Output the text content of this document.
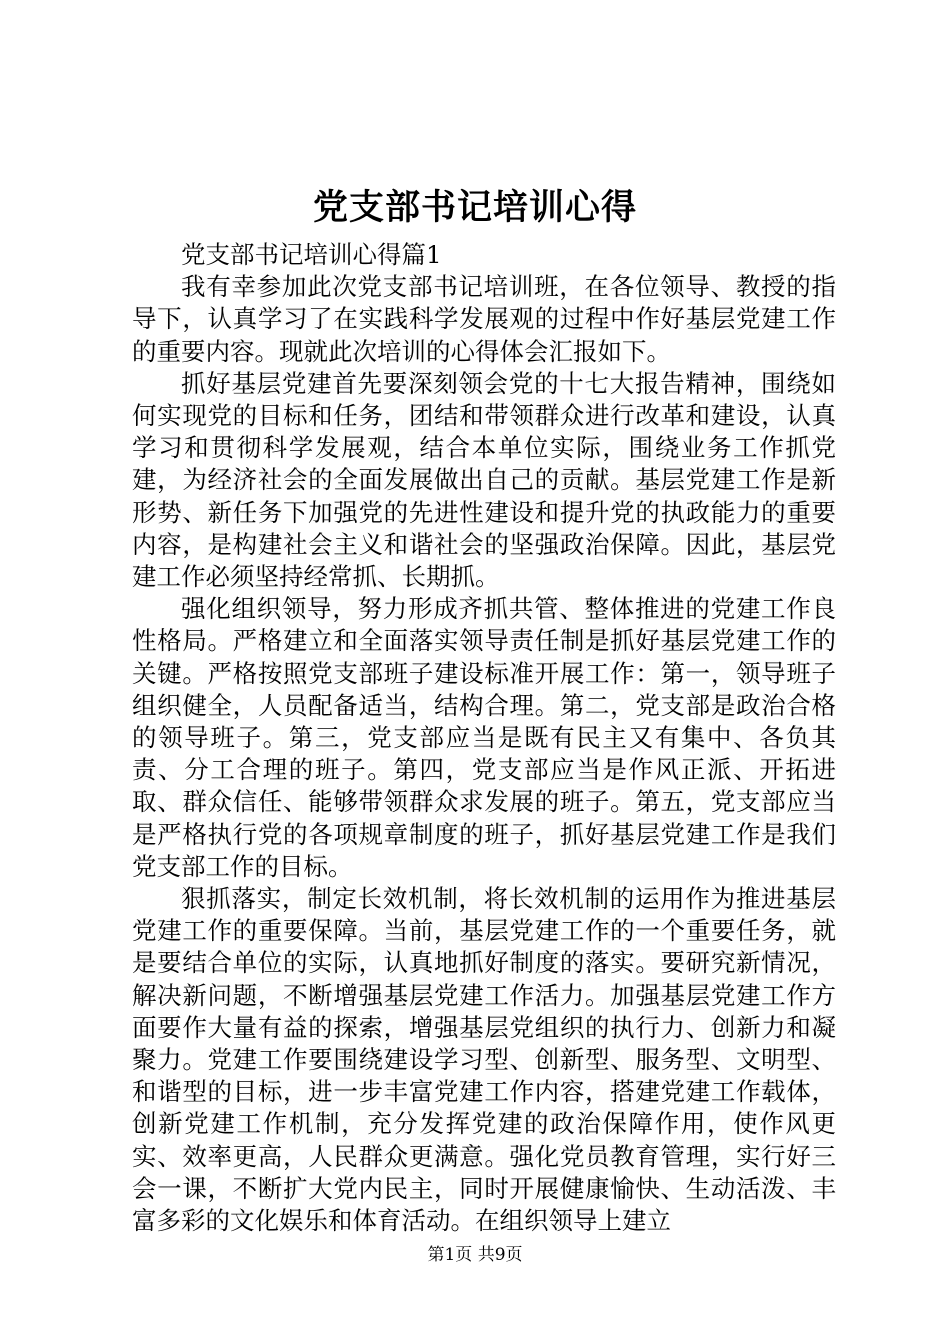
党支部书记培训心得

党支部书记培训心得篇1

我有幸参加此次党支部书记培训班，在各位领导、教授的指导下，认真学习了在实践科学发展观的过程中作好基层党建工作的重要内容。现就此次培训的心得体会汇报如下。

抓好基层党建首先要深刻领会党的十七大报告精神，围绕如何实现党的目标和任务，团结和带领群众进行改革和建设，认真学习和贯彻科学发展观，结合本单位实际，围绕业务工作抓党建，为经济社会的全面发展做出自己的贡献。基层党建工作是新形势、新任务下加强党的先进性建设和提升党的执政能力的重要内容，是构建社会主义和谐社会的坚强政治保障。因此，基层党建工作必须坚持经常抓、长期抓。

强化组织领导，努力形成齐抓共管、整体推进的党建工作良性格局。严格建立和全面落实领导责任制是抓好基层党建工作的关键。严格按照党支部班子建设标准开展工作：第一，领导班子组织健全，人员配备适当，结构合理。第二，党支部是政治合格的领导班子。第三，党支部应当是既有民主又有集中、各负其责、分工合理的班子。第四，党支部应当是作风正派、开拓进取、群众信任、能够带领群众求发展的班子。第五，党支部应当是严格执行党的各项规章制度的班子，抓好基层党建工作是我们党支部工作的目标。

狠抓落实，制定长效机制，将长效机制的运用作为推进基层党建工作的重要保障。当前，基层党建工作的一个重要任务，就是要结合单位的实际，认真地抓好制度的落实。要研究新情况，解决新问题，不断增强基层党建工作活力。加强基层党建工作方面要作大量有益的探索，增强基层党组织的执行力、创新力和凝聚力。党建工作要围绕建设学习型、创新型、服务型、文明型、和谐型的目标，进一步丰富党建工作内容，搭建党建工作载体，创新党建工作机制，充分发挥党建的政治保障作用，使作风更实、效率更高，人民群众更满意。强化党员教育管理，实行好三会一课，不断扩大党内民主，同时开展健康愉快、生动活泼、丰富多彩的文化娱乐和体育活动。在组织领导上建立

第1页 共9页
